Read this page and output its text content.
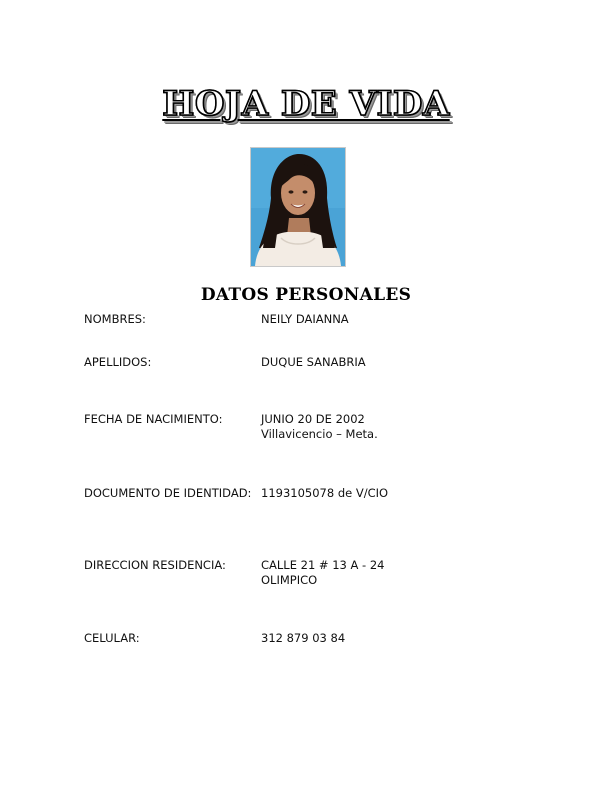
HOJA DE VIDA
DATOS PERSONALES
NOMBRES:	NEILY DAIANNA
APELLIDOS:	DUQUE SANABRIA
FECHA DE NACIMIENTO:	JUNIO 20 DE 2002
Villavicencio – Meta.
DOCUMENTO DE IDENTIDAD: 1193105078 de V/CIO
DIRECCION RESIDENCIA:	CALLE 21 # 13 A - 24
OLIMPICO
CELULAR:	312 879 03 84
